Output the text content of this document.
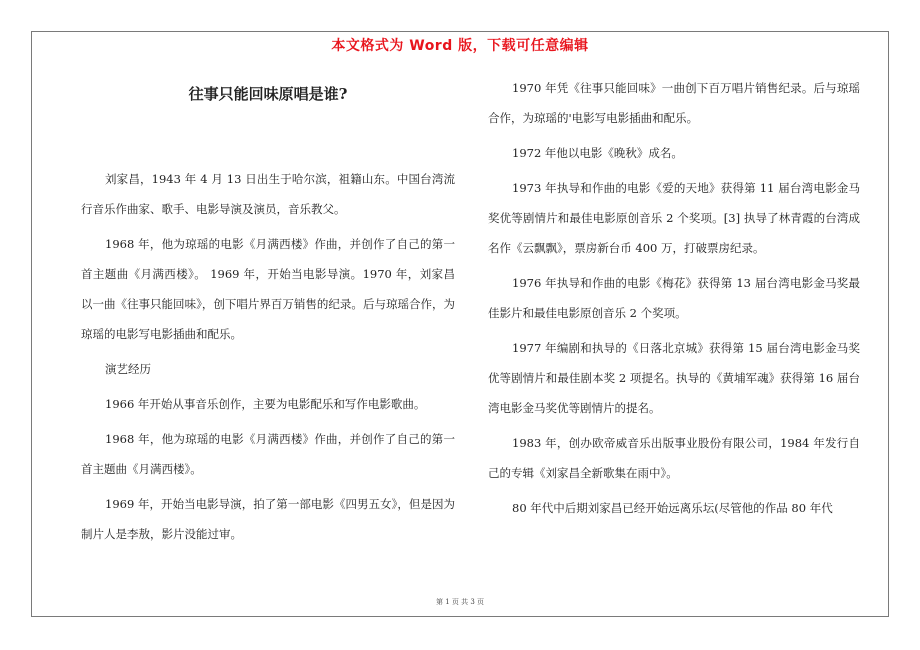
本文格式为 Word 版，下载可任意编辑
往事只能回味原唱是谁?

刘家昌，1943 年 4 月 13 日出生于哈尔滨，祖籍山东。中国台湾流行音乐作曲家、歌手、电影导演及演员，音乐教父。

1968 年，他为琼瑶的电影《月满西楼》作曲，并创作了自己的第一首主题曲《月满西楼》。 1969 年，开始当电影导演。1970 年，刘家昌以一曲《往事只能回味》，创下唱片界百万销售的纪录。后与琼瑶合作，为琼瑶的电影写电影插曲和配乐。

演艺经历

1966 年开始从事音乐创作，主要为电影配乐和写作电影歌曲。

1968 年，他为琼瑶的电影《月满西楼》作曲，并创作了自己的第一首主题曲《月满西楼》。

1969 年，开始当电影导演，拍了第一部电影《四男五女》，但是因为制片人是李敖，影片没能过审。

1970 年凭《往事只能回味》一曲创下百万唱片销售纪录。后与琼瑶合作，为琼瑶的'电影写电影插曲和配乐。

1972 年他以电影《晚秋》成名。

1973 年执导和作曲的电影《爱的天地》获得第 11 届台湾电影金马奖优等剧情片和最佳电影原创音乐 2 个奖项。[3] 执导了林青霞的台湾成名作《云飘飘》，票房新台币 400 万，打破票房纪录。

1976 年执导和作曲的电影《梅花》获得第 13 届台湾电影金马奖最佳影片和最佳电影原创音乐 2 个奖项。

1977 年编剧和执导的《日落北京城》获得第 15 届台湾电影金马奖优等剧情片和最佳剧本奖 2 项提名。执导的《黄埔军魂》获得第 16 届台湾电影金马奖优等剧情片的提名。

1983 年，创办欧帝威音乐出版事业股份有限公司，1984 年发行自己的专辑《刘家昌全新歌集在雨中》。

80 年代中后期刘家昌已经开始远离乐坛(尽管他的作品 80 年代

第 1 页 共 3 页
